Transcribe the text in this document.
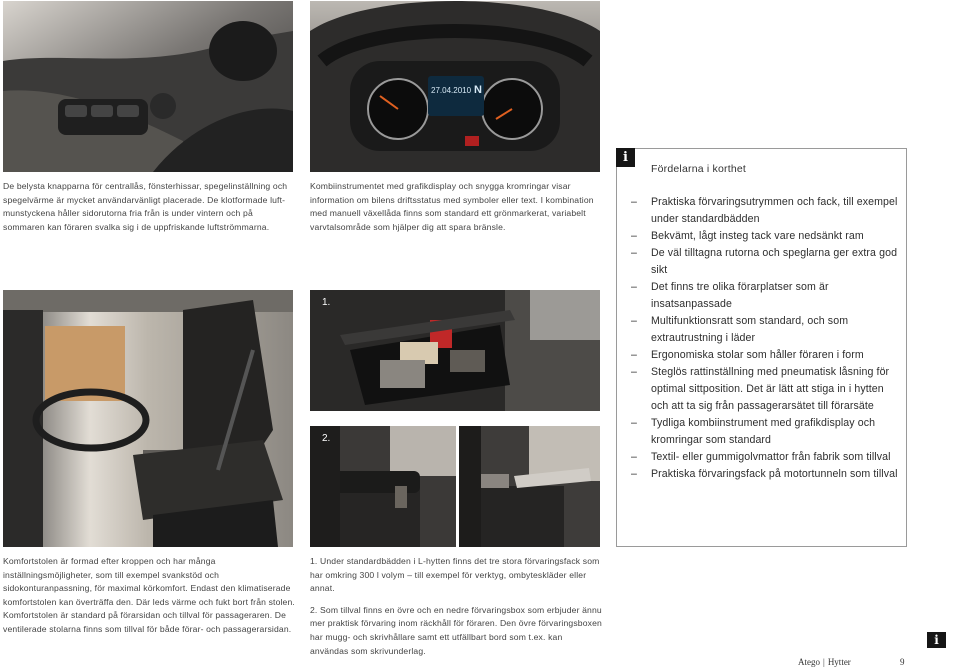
27.04.2010 N
1.
2.

De belysta knapparna för centrallås, fönsterhissar, spegelinställning och spegelvärme är mycket användarvänligt placerade. De klotformade luft-munstyckena håller sidorutorna fria från is under vintern och på sommaren kan föraren svalka sig i de uppfriskande luftströmmarna.

Kombiinstrumentet med grafikdisplay och snygga kromringar visar information om bilens driftsstatus med symboler eller text. I kombination med manuell växellåda finns som standard ett grönmarkerat, variabelt varvtalsområde som hjälper dig att spara bränsle.

Komfortstolen är formad efter kroppen och har många inställningsmöjligheter, som till exempel svankstöd och sidokonturanpassning, för maximal körkomfort. Endast den klimatiserade komfortstolen kan överträffa den. Där leds värme och fukt bort från stolen. Komfortstolen är standard på förarsidan och tillval för passageraren. De ventilerade stolarna finns som tillval för både förar- och passagerarsidan.

1. Under standardbädden i L-hytten finns det tre stora förvaringsfack som har omkring 300 l volym – till exempel för verktyg, ombyteskläder eller annat.

2. Som tillval finns en övre och en nedre förvaringsbox som erbjuder ännu mer praktisk förvaring inom räckhåll för föraren. Den övre förvaringsboxen har mugg- och skrivhållare samt ett utfällbart bord som t.ex. kan användas som skrivunderlag.

i
Fördelarna i korthet
– Praktiska förvaringsutrymmen och fack, till exempel under standardbädden
– Bekvämt, lågt insteg tack vare nedsänkt ram
– De väl tilltagna rutorna och speglarna ger extra god sikt
– Det finns tre olika förarplatser som är insatsanpassade
– Multifunktionsratt som standard, och som extrautrustning i läder
– Ergonomiska stolar som håller föraren i form
– Steglös rattinställning med pneumatisk låsning för optimal sittposition. Det är lätt att stiga in i hytten och att ta sig från passagerarsätet till förarsäte
– Tydliga kombiinstrument med grafikdisplay och kromringar som standard
– Textil- eller gummigolvmattor från fabrik som tillval
– Praktiska förvaringsfack på motortunneln som tillval
i
Atego | Hytter	9
